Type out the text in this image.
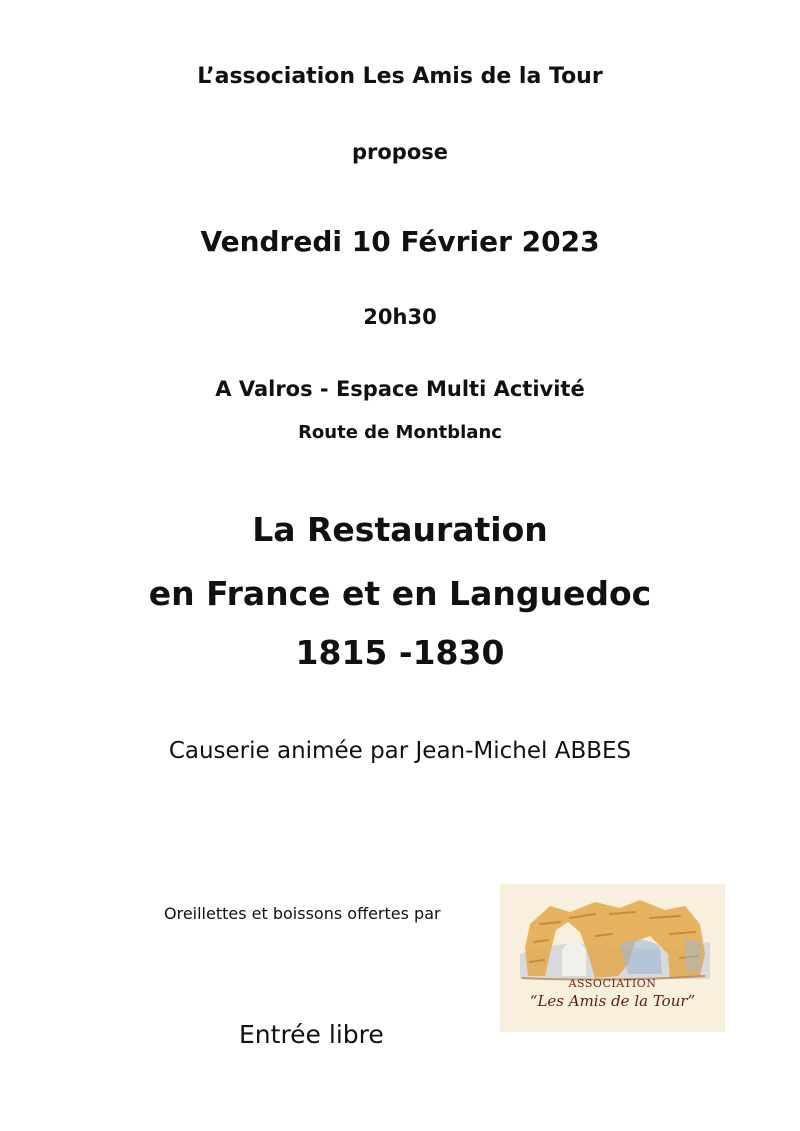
L’association Les Amis de la Tour
propose
Vendredi 10 Février 2023
20h30
A Valros - Espace Multi Activité
Route de Montblanc
La Restauration
en France et en Languedoc
1815 -1830
Causerie animée par Jean-Michel ABBES
Oreillettes et boissons offertes par
Entrée libre
ASSOCIATION
“Les Amis de la Tour”
